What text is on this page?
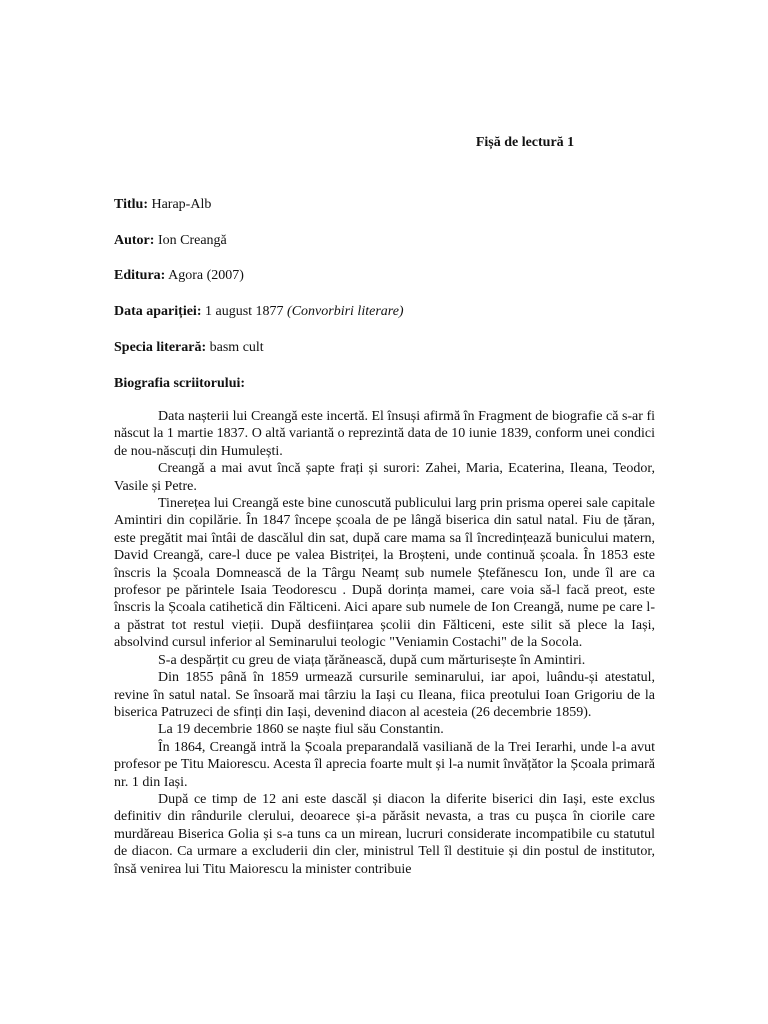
Fișă de lectură 1
Titlu: Harap-Alb
Autor: Ion Creangă
Editura: Agora (2007)
Data apariției: 1 august 1877 (Convorbiri literare)
Specia literară: basm cult
Biografia scriitorului:

Data nașterii lui Creangă este incertă. El însuși afirmă în Fragment de biografie că s-ar fi născut la 1 martie 1837. O altă variantă o reprezintă data de 10 iunie 1839, conform unei condici de nou-născuți din Humulești.

Creangă a mai avut încă șapte frați și surori: Zahei, Maria, Ecaterina, Ileana, Teodor, Vasile și Petre.

Tinerețea lui Creangă este bine cunoscută publicului larg prin prisma operei sale capitale Amintiri din copilărie. În 1847 începe școala de pe lângă biserica din satul natal. Fiu de țăran, este pregătit mai întâi de dascălul din sat, după care mama sa îl încredințează bunicului matern, David Creangă, care-l duce pe valea Bistriței, la Broșteni, unde continuă școala. În 1853 este înscris la Școala Domnească de la Târgu Neamț sub numele Ștefănescu Ion, unde îl are ca profesor pe părintele Isaia Teodorescu . După dorința mamei, care voia să-l facă preot, este înscris la Școala catihetică din Fălticeni. Aici apare sub numele de Ion Creangă, nume pe care l-a păstrat tot restul vieții. După desființarea școlii din Fălticeni, este silit să plece la Iași, absolvind cursul inferior al Seminarului teologic "Veniamin Costachi" de la Socola.

S-a despărțit cu greu de viața țărănească, după cum mărturisește în Amintiri.

Din 1855 până în 1859 urmează cursurile seminarului, iar apoi, luându-și atestatul, revine în satul natal. Se însoară mai târziu la Iași cu Ileana, fiica preotului Ioan Grigoriu de la biserica Patruzeci de sfinți din Iași, devenind diacon al acesteia (26 decembrie 1859).

La 19 decembrie 1860 se naște fiul său Constantin.

În 1864, Creangă intră la Școala preparandală vasiliană de la Trei Ierarhi, unde l-a avut profesor pe Titu Maiorescu. Acesta îl aprecia foarte mult și l-a numit învățător la Școala primară nr. 1 din Iași.

După ce timp de 12 ani este dascăl și diacon la diferite biserici din Iași, este exclus definitiv din rândurile clerului, deoarece și-a părăsit nevasta, a tras cu pușca în ciorile care murdăreau Biserica Golia și s-a tuns ca un mirean, lucruri considerate incompatibile cu statutul de diacon. Ca urmare a excluderii din cler, ministrul Tell îl destituie și din postul de institutor, însă venirea lui Titu Maiorescu la minister contribuie
